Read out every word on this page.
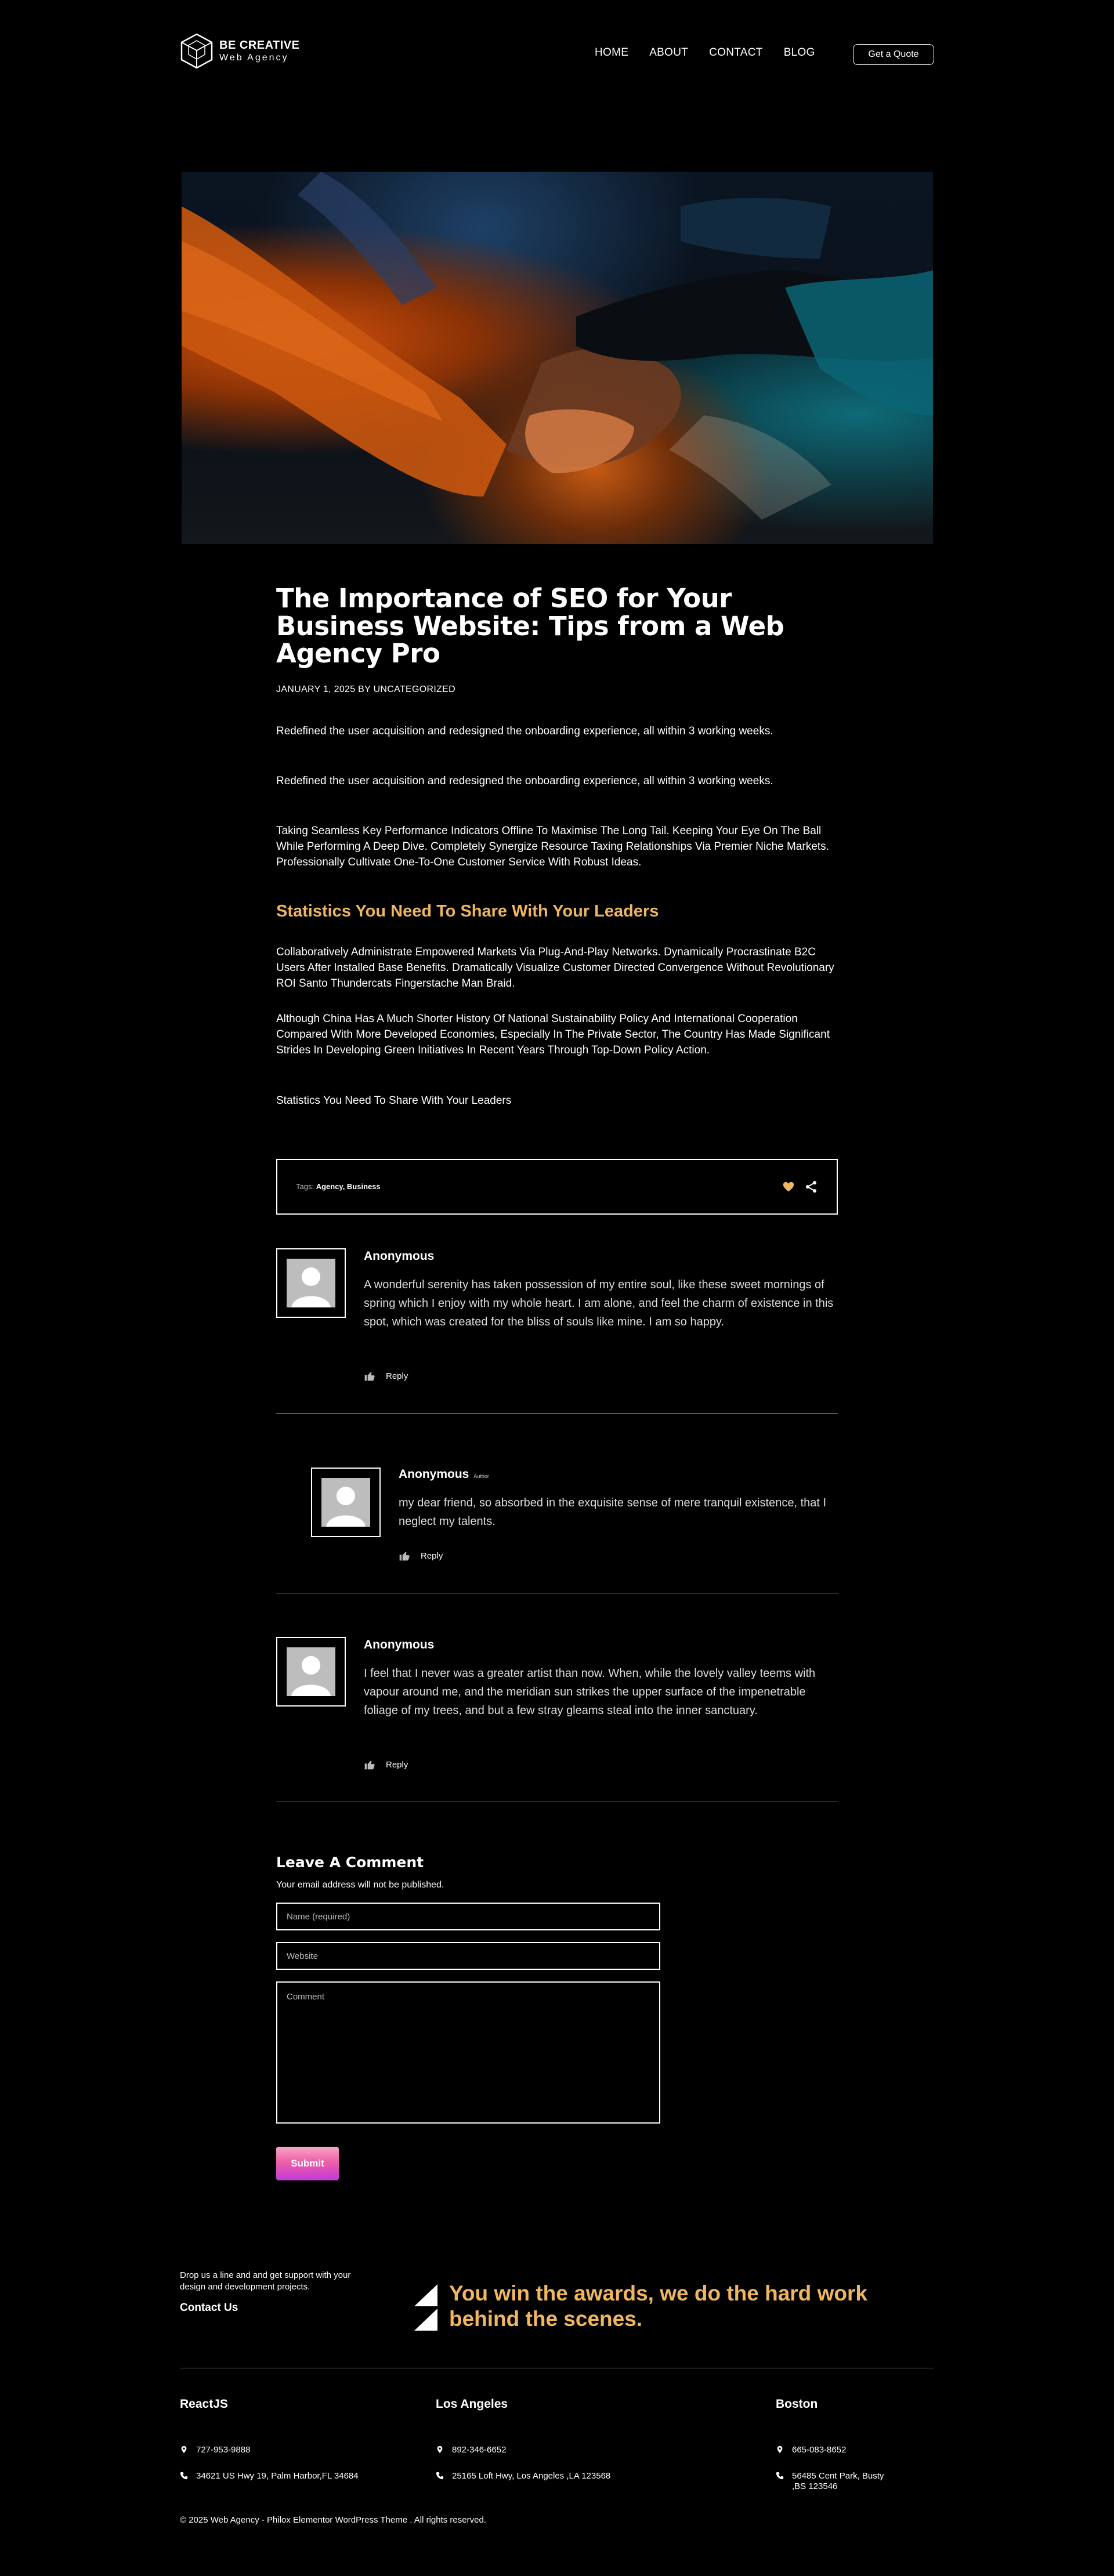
BE CREATIVE
Web Agency	HOME ABOUT CONTACT BLOG	Get a Quote
The Importance of SEO for Your Business Website: Tips from a Web Agency Pro
JANUARY 1, 2025 BY UNCATEGORIZED

Redefined the user acquisition and redesigned the onboarding experience, all within 3 working weeks.

Redefined the user acquisition and redesigned the onboarding experience, all within 3 working weeks.

Taking Seamless Key Performance Indicators Offline To Maximise The Long Tail. Keeping Your Eye On The Ball While Performing A Deep Dive. Completely Synergize Resource Taxing Relationships Via Premier Niche Markets. Professionally Cultivate One-To-One Customer Service With Robust Ideas.

Statistics You Need To Share With Your Leaders

Collaboratively Administrate Empowered Markets Via Plug-And-Play Networks. Dynamically Procrastinate B2C Users After Installed Base Benefits. Dramatically Visualize Customer Directed Convergence Without Revolutionary ROI Santo Thundercats Fingerstache Man Braid.

Although China Has A Much Shorter History Of National Sustainability Policy And International Cooperation Compared With More Developed Economies, Especially In The Private Sector, The Country Has Made Significant Strides In Developing Green Initiatives In Recent Years Through Top-Down Policy Action.

Statistics You Need To Share With Your Leaders

Tags: Agency, Business
Anonymous

A wonderful serenity has taken possession of my entire soul, like these sweet mornings of spring which I enjoy with my whole heart. I am alone, and feel the charm of existence in this spot, which was created for the bliss of souls like mine. I am so happy.

Reply
Anonymous Author

my dear friend, so absorbed in the exquisite sense of mere tranquil existence, that I neglect my talents.

Reply
Anonymous

I feel that I never was a greater artist than now. When, while the lovely valley teems with vapour around me, and the meridian sun strikes the upper surface of the impenetrable foliage of my trees, and but a few stray gleams steal into the inner sanctuary.

Reply
Leave A Comment
Your email address will not be published.
Name (required)
Website
Comment
Submit
Drop us a line and and get support with your design and development projects.
Contact Us

You win the awards, we do the hard work behind the scenes.

ReactJS
727-953-9888
34621 US Hwy 19, Palm Harbor,FL 34684
Los Angeles
892-346-6652
25165 Loft Hwy, Los Angeles ,LA 123568
Boston
665-083-8652
56485 Cent Park, Busty ,BS 123546
© 2025 Web Agency - Philox Elementor WordPress Theme . All rights reserved.
